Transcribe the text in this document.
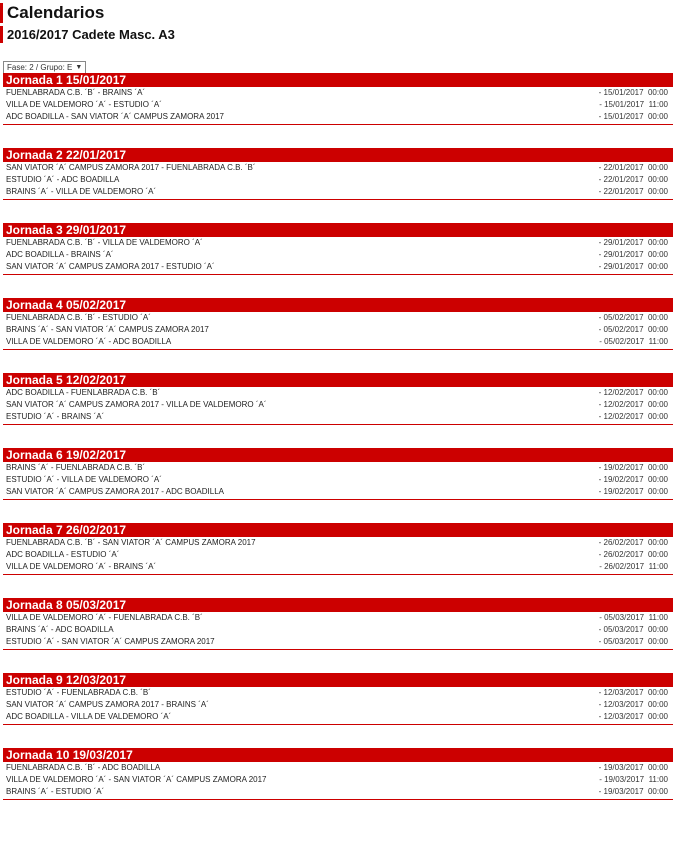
Calendarios
2016/2017 Cadete Masc. A3
Fase: 2 / Grupo: E ▼
Jornada 1 15/01/2017
FUENLABRADA C.B. ´B´ - BRAINS ´A´	- 15/01/2017  00:00
VILLA DE VALDEMORO ´A´ - ESTUDIO ´A´	- 15/01/2017  11:00
ADC BOADILLA - SAN VIATOR ´A´ CAMPUS ZAMORA 2017	- 15/01/2017  00:00
Jornada 2 22/01/2017
SAN VIATOR ´A´ CAMPUS ZAMORA 2017 - FUENLABRADA C.B. ´B´	- 22/01/2017  00:00
ESTUDIO ´A´ - ADC BOADILLA	- 22/01/2017  00:00
BRAINS ´A´ - VILLA DE VALDEMORO ´A´	- 22/01/2017  00:00
Jornada 3 29/01/2017
FUENLABRADA C.B. ´B´ - VILLA DE VALDEMORO ´A´	- 29/01/2017  00:00
ADC BOADILLA - BRAINS ´A´	- 29/01/2017  00:00
SAN VIATOR ´A´ CAMPUS ZAMORA 2017 - ESTUDIO ´A´	- 29/01/2017  00:00
Jornada 4 05/02/2017
FUENLABRADA C.B. ´B´ - ESTUDIO ´A´	- 05/02/2017  00:00
BRAINS ´A´ - SAN VIATOR ´A´ CAMPUS ZAMORA 2017	- 05/02/2017  00:00
VILLA DE VALDEMORO ´A´ - ADC BOADILLA	- 05/02/2017  11:00
Jornada 5 12/02/2017
ADC BOADILLA - FUENLABRADA C.B. ´B´	- 12/02/2017  00:00
SAN VIATOR ´A´ CAMPUS ZAMORA 2017 - VILLA DE VALDEMORO ´A´	- 12/02/2017  00:00
ESTUDIO ´A´ - BRAINS ´A´	- 12/02/2017  00:00
Jornada 6 19/02/2017
BRAINS ´A´ - FUENLABRADA C.B. ´B´	- 19/02/2017  00:00
ESTUDIO ´A´ - VILLA DE VALDEMORO ´A´	- 19/02/2017  00:00
SAN VIATOR ´A´ CAMPUS ZAMORA 2017 - ADC BOADILLA	- 19/02/2017  00:00
Jornada 7 26/02/2017
FUENLABRADA C.B. ´B´ - SAN VIATOR ´A´ CAMPUS ZAMORA 2017	- 26/02/2017  00:00
ADC BOADILLA - ESTUDIO ´A´	- 26/02/2017  00:00
VILLA DE VALDEMORO ´A´ - BRAINS ´A´	- 26/02/2017  11:00
Jornada 8 05/03/2017
VILLA DE VALDEMORO ´A´ - FUENLABRADA C.B. ´B´	- 05/03/2017  11:00
BRAINS ´A´ - ADC BOADILLA	- 05/03/2017  00:00
ESTUDIO ´A´ - SAN VIATOR ´A´ CAMPUS ZAMORA 2017	- 05/03/2017  00:00
Jornada 9 12/03/2017
ESTUDIO ´A´ - FUENLABRADA C.B. ´B´	- 12/03/2017  00:00
SAN VIATOR ´A´ CAMPUS ZAMORA 2017 - BRAINS ´A´	- 12/03/2017  00:00
ADC BOADILLA - VILLA DE VALDEMORO ´A´	- 12/03/2017  00:00
Jornada 10 19/03/2017
FUENLABRADA C.B. ´B´ - ADC BOADILLA	- 19/03/2017  00:00
VILLA DE VALDEMORO ´A´ - SAN VIATOR ´A´ CAMPUS ZAMORA 2017	- 19/03/2017  11:00
BRAINS ´A´ - ESTUDIO ´A´	- 19/03/2017  00:00
